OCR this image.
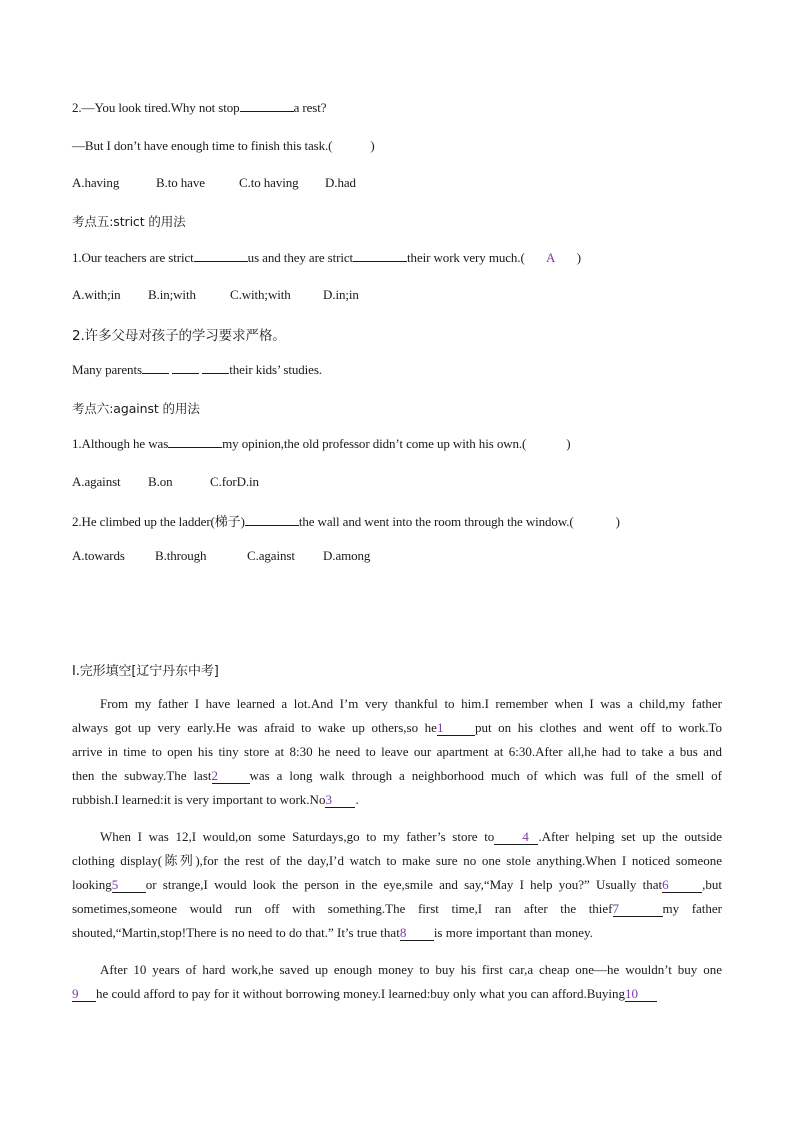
2.—You look tired.Why not stop	a rest?
—But I don’t have enough time to finish this task.(	)
A.having	B.to have	C.to having D.had
考点五:strict 的用法
1.Our teachers are strict	us and they are strict	their work very much.( A )
A.with;in B.in;with	C.with;with D.in;in
2.许多父母对孩子的学习要求严格。
Many parents	their kids’ studies.
考点六:against 的用法
1.Although he was	my opinion,the old professor didn’t come up with his own.(	)
A.against B.on	C.forD.in
2.He climbed up the ladder(梯子)	the wall and went into the room through the window.(	)
A.towards B.through	C.against D.among
Ⅰ.完形填空[辽宁丹东中考]
From my father I have learned a lot.And I’m very thankful to him.I remember when I was a child,my father
always got up very early.He was afraid to wake up others,so he1 put on his clothes and went off to work.To
arrive in time to open his tiny store at 8:30 he need to leave our apartment at 6:30.After all,he had to take a bus and
then the subway.The last2 was a long walk through a neighborhood much of which was full of the smell of
rubbish.I learned:it is very important to work.No3 .
When I was 12,I would,on some Saturdays,go to my father’s store to 4 .After helping set up the outside
clothing display(陈列),for the rest of the day,I’d watch to make sure no one stole anything.When I noticed someone
looking5 or strange,I would look the person in the eye,smile and say,“May I help you?” Usually that6	,but
sometimes,someone would run off with something.The first time,I ran after the thief7	my father
shouted,“Martin,stop!There is no need to do that.” It’s true that8 is more important than money.
After 10 years of hard work,he saved up enough money to buy his first car,a cheap one—he wouldn’t buy one
9 he could afford to pay for it without borrowing money.I learned:buy only what you can afford.Buying10
